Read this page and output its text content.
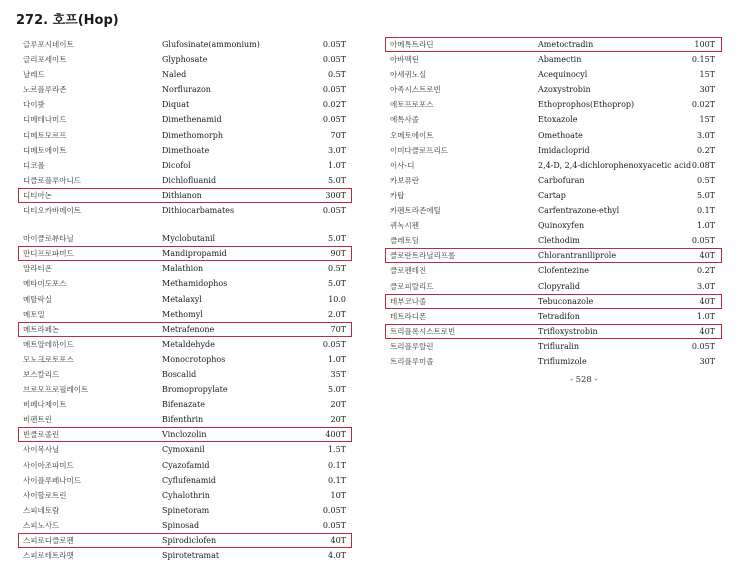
272. 호프(Hop)
글루포시네이트	Glufosinate(ammonium)	0.05T
글리포세이트	Glyphosate	0.05T
날레드	Naled	0.5T
노르플루라존	Norflurazon	0.05T
다이쾃	Diquat	0.02T
디메테나미드	Dimethenamid	0.05T
디메토모르프	Dimethomorph	70T
디메토에이트	Dimethoate	3.0T
디코폴	Dicofol	1.0T
디클로플루아니드	Dichlofluanid	5.0T
디티아논	Dithianon	300T
디티오카바메이트	Dithiocarbamates	0.05T
마이클로뷰타닐	Myclobutanil	5.0T
만디프로파미드	Mandipropamid	90T
말라티온	Malathion	0.5T
메타미도포스	Methamidophos	5.0T
메탈락실	Metalaxyl	10.0
메토밀	Methomyl	2.0T
메트라페논	Metrafenone	70T
메트알데하이드	Metaldehyde	0.05T
모노크로토포스	Monocrotophos	1.0T
보스칼리드	Boscalid	35T
브로모프로필레이트	Bromopropylate	5.0T
비페나제이트	Bifenazate	20T
비펜트린	Bifenthrin	20T
빈클로졸린	Vinclozolin	400T
사이목사닐	Cymoxanil	1.5T
사이아조파미드	Cyazofamid	0.1T
사이플루페나미드	Cyflufenamid	0.1T
사이할로트린	Cyhalothrin	10T
스피네토람	Spinetoram	0.05T
스피노사드	Spinosad	0.05T
스피로디클로펜	Spirodiclofen	40T
스피로테트라맷	Spirotetramat	4.0T
아메톡트라딘	Ametoctradin	100T
아바멕틴	Abamectin	0.15T
아세퀴노실	Acequinocyl	15T
아족시스트로빈	Azoxystrobin	30T
에토프로포스	Ethoprophos(Ethoprop)	0.02T
에톡사졸	Etoxazole	15T
오메토에이트	Omethoate	3.0T
이미다클로프리드	Imidacloprid	0.2T
이사-디	2,4-D, 2,4-dichlorophenoxyacetic acid 0.08T
카보퓨란	Carbofuran	0.5T
카탑	Cartap	5.0T
카펜트라존에틸	Carfentrazone-ethyl	0.1T
퀴녹시펜	Quinoxyfen	1.0T
클레토딤	Clethodim	0.05T
클로란트라닐리프롤	Chlorantraniliprole	40T
클로펜테진	Clofentezine	0.2T
클로피랄리드	Clopyralid	3.0T
테부코나졸	Tebuconazole	40T
테트라디폰	Tetradifon	1.0T
트리플록시스트로빈	Trifloxystrobin	40T
트리플루랄린	Trifluralin	0.05T
트리플루미졸	Triflumizole	30T
- 528 -
